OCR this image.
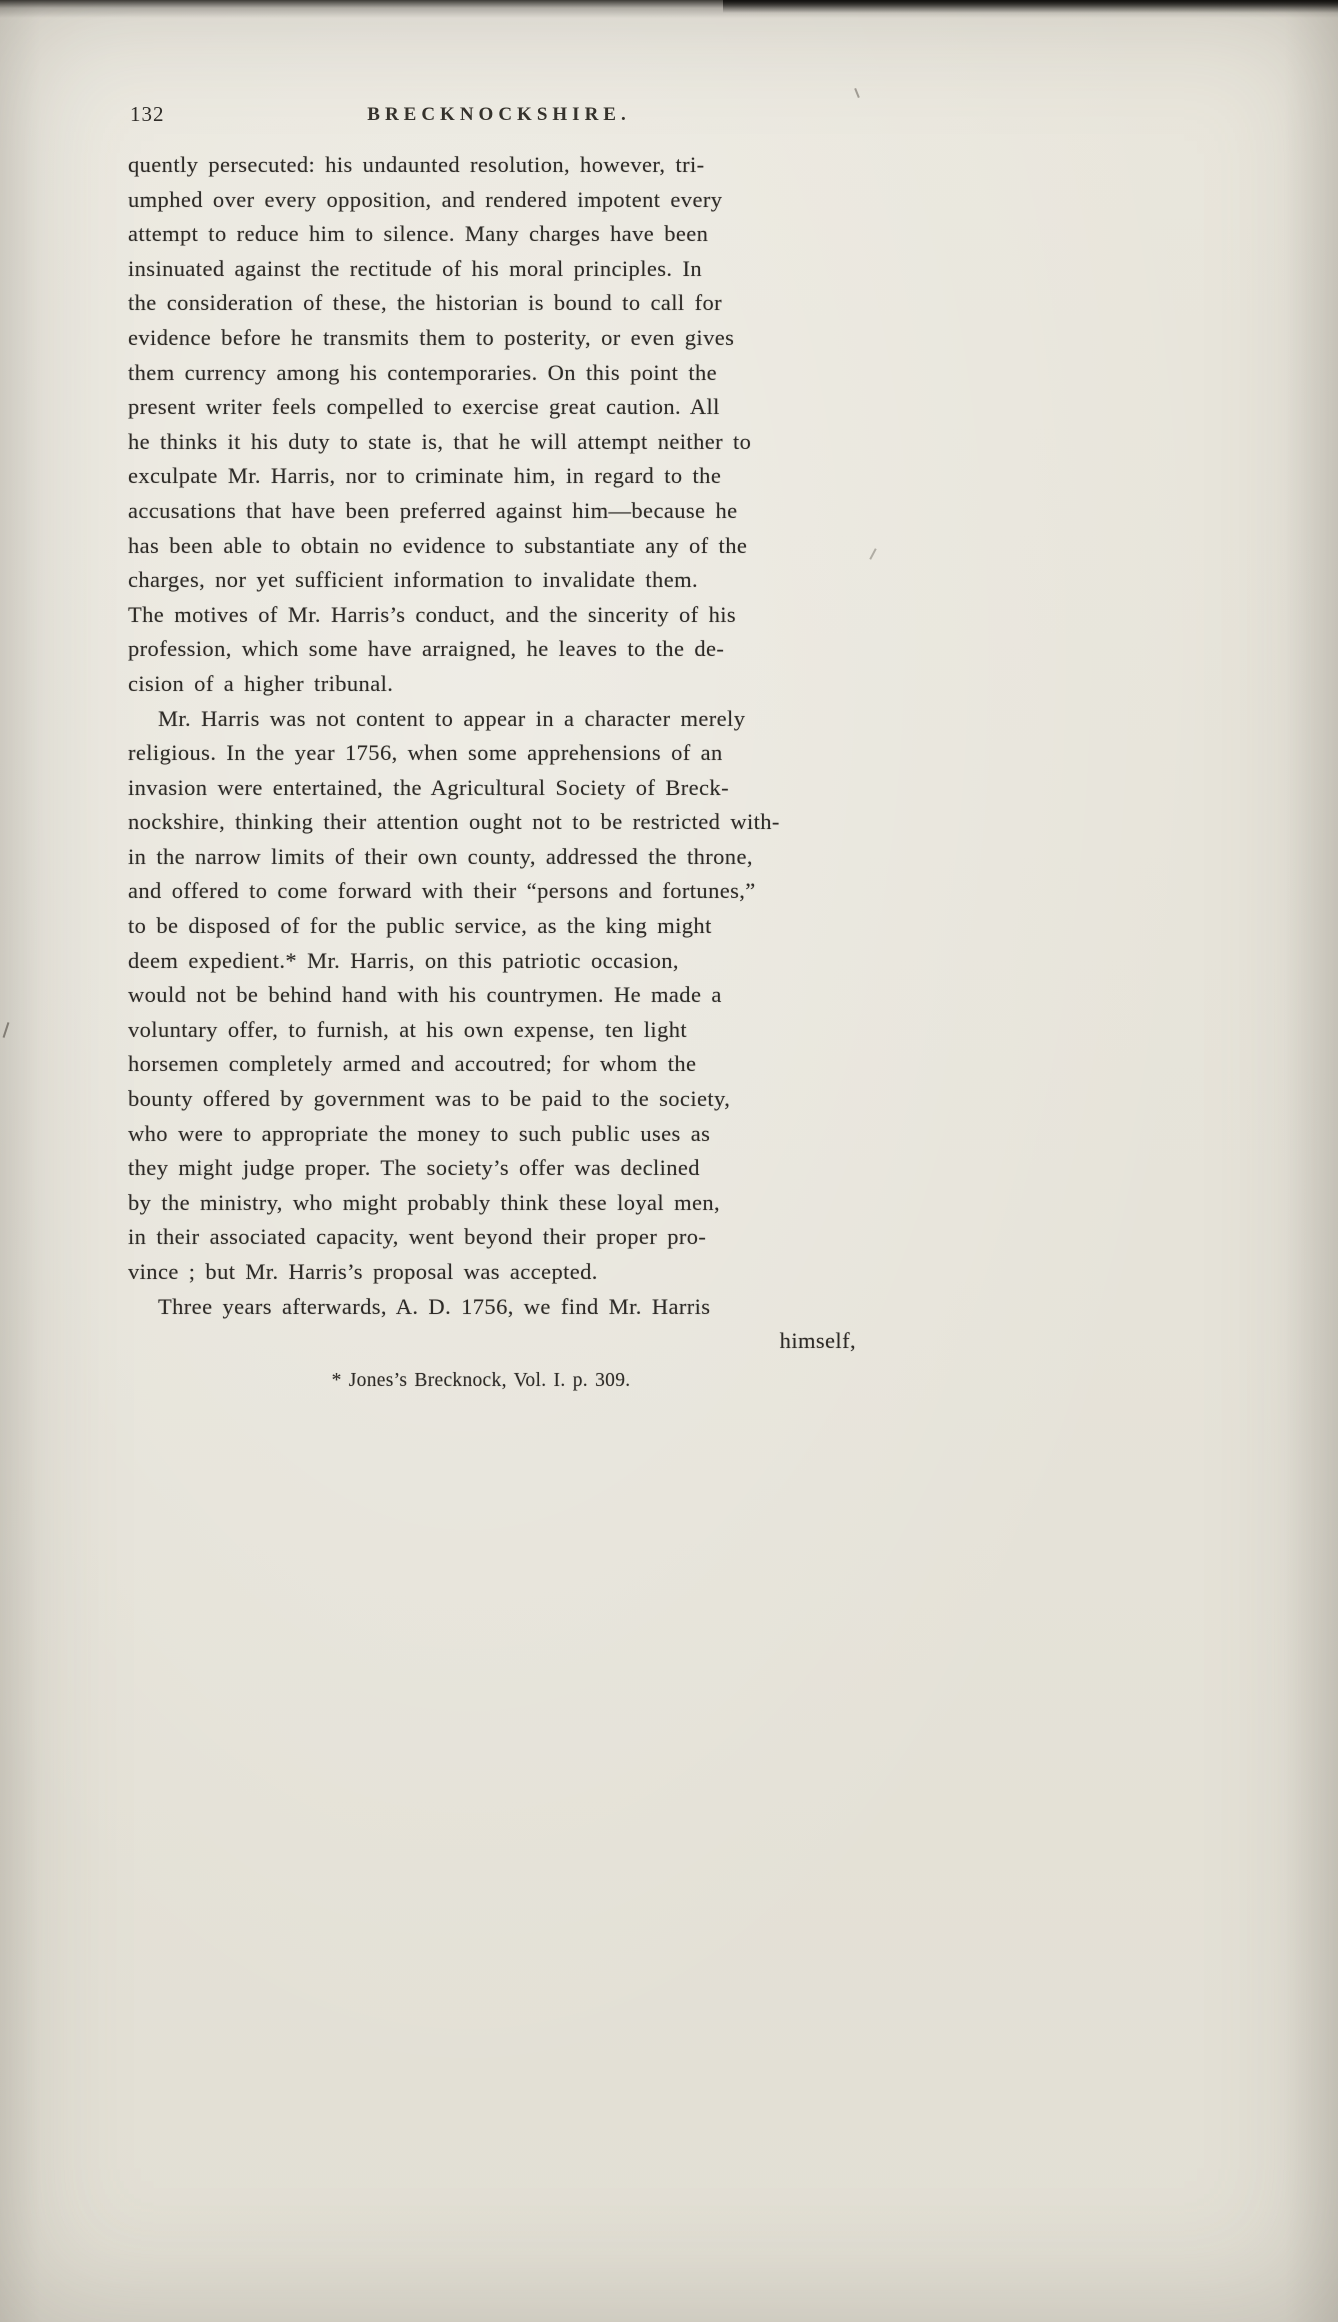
132	BRECKNOCKSHIRE.
quently persecuted: his undaunted resolution, however, tri-
umphed over every opposition, and rendered impotent every
attempt to reduce him to silence. Many charges have been
insinuated against the rectitude of his moral principles. In
the consideration of these, the historian is bound to call for
evidence before he transmits them to posterity, or even gives
them currency among his contemporaries. On this point the
present writer feels compelled to exercise great caution. All
he thinks it his duty to state is, that he will attempt neither to
exculpate Mr. Harris, nor to criminate him, in regard to the
accusations that have been preferred against him—because he
has been able to obtain no evidence to substantiate any of the
charges, nor yet sufficient information to invalidate them.
The motives of Mr. Harris’s conduct, and the sincerity of his
profession, which some have arraigned, he leaves to the de-
cision of a higher tribunal.
Mr. Harris was not content to appear in a character merely
religious. In the year 1756, when some apprehensions of an
invasion were entertained, the Agricultural Society of Breck-
nockshire, thinking their attention ought not to be restricted with-
in the narrow limits of their own county, addressed the throne,
and offered to come forward with their “persons and fortunes,”
to be disposed of for the public service, as the king might
deem expedient.* Mr. Harris, on this patriotic occasion,
would not be behind hand with his countrymen. He made a
voluntary offer, to furnish, at his own expense, ten light
horsemen completely armed and accoutred; for whom the
bounty offered by government was to be paid to the society,
who were to appropriate the money to such public uses as
they might judge proper. The society’s offer was declined
by the ministry, who might probably think these loyal men,
in their associated capacity, went beyond their proper pro-
vince ; but Mr. Harris’s proposal was accepted.
Three years afterwards, A. D. 1756, we find Mr. Harris
himself,
* Jones’s Brecknock, Vol. I. p. 309.
